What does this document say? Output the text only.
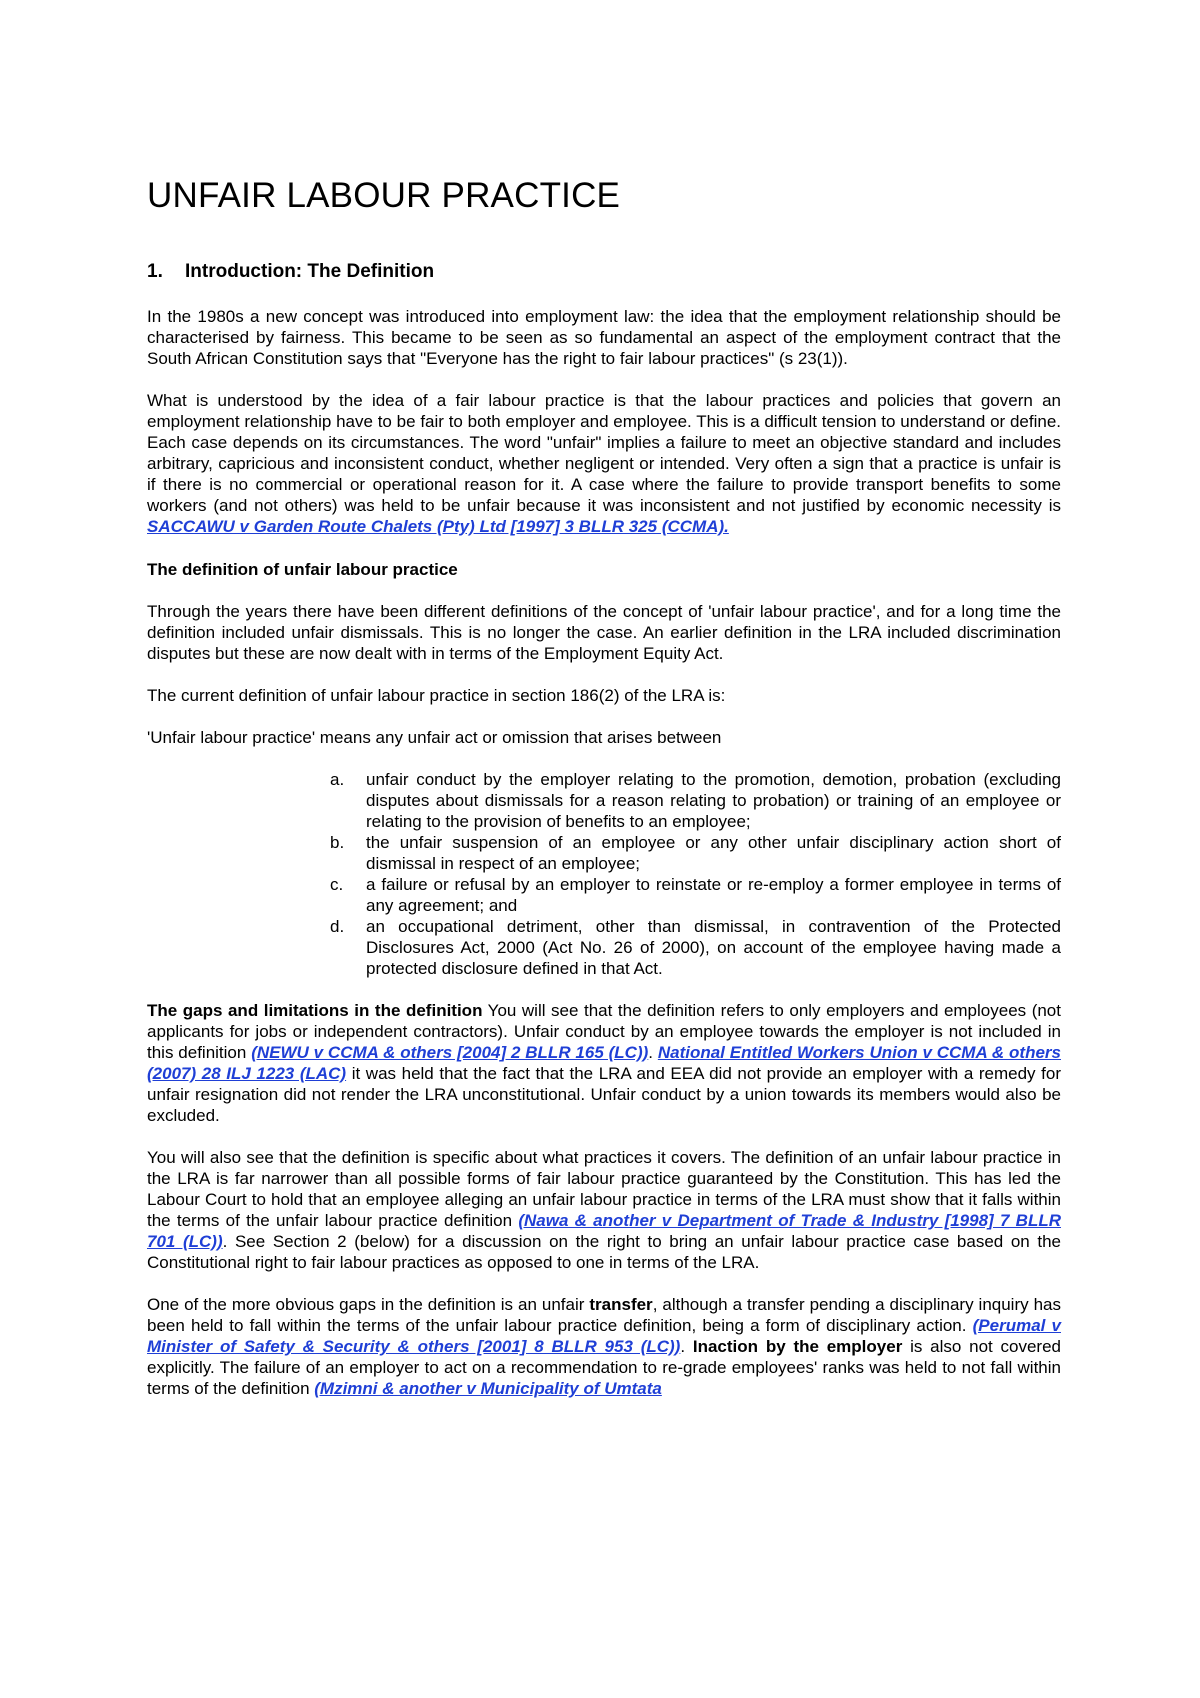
UNFAIR LABOUR PRACTICE
1. Introduction: The Definition

In the 1980s a new concept was introduced into employment law: the idea that the employment relationship should be characterised by fairness. This became to be seen as so fundamental an aspect of the employment contract that the South African Constitution says that "Everyone has the right to fair labour practices" (s 23(1)).

What is understood by the idea of a fair labour practice is that the labour practices and policies that govern an employment relationship have to be fair to both employer and employee. This is a difficult tension to understand or define. Each case depends on its circumstances. The word "unfair" implies a failure to meet an objective standard and includes arbitrary, capricious and inconsistent conduct, whether negligent or intended. Very often a sign that a practice is unfair is if there is no commercial or operational reason for it. A case where the failure to provide transport benefits to some workers (and not others) was held to be unfair because it was inconsistent and not justified by economic necessity is SACCAWU v Garden Route Chalets (Pty) Ltd [1997] 3 BLLR 325 (CCMA).

The definition of unfair labour practice

Through the years there have been different definitions of the concept of 'unfair labour practice', and for a long time the definition included unfair dismissals. This is no longer the case. An earlier definition in the LRA included discrimination disputes but these are now dealt with in terms of the Employment Equity Act.

The current definition of unfair labour practice in section 186(2) of the LRA is:

'Unfair labour practice' means any unfair act or omission that arises between

a. unfair conduct by the employer relating to the promotion, demotion, probation (excluding disputes about dismissals for a reason relating to probation) or training of an employee or relating to the provision of benefits to an employee;
b. the unfair suspension of an employee or any other unfair disciplinary action short of dismissal in respect of an employee;
c. a failure or refusal by an employer to reinstate or re-employ a former employee in terms of any agreement; and
d. an occupational detriment, other than dismissal, in contravention of the Protected Disclosures Act, 2000 (Act No. 26 of 2000), on account of the employee having made a protected disclosure defined in that Act.

The gaps and limitations in the definition You will see that the definition refers to only employers and employees (not applicants for jobs or independent contractors). Unfair conduct by an employee towards the employer is not included in this definition (NEWU v CCMA & others [2004] 2 BLLR 165 (LC)). National Entitled Workers Union v CCMA & others (2007) 28 ILJ 1223 (LAC) it was held that the fact that the LRA and EEA did not provide an employer with a remedy for unfair resignation did not render the LRA unconstitutional. Unfair conduct by a union towards its members would also be excluded.

You will also see that the definition is specific about what practices it covers. The definition of an unfair labour practice in the LRA is far narrower than all possible forms of fair labour practice guaranteed by the Constitution. This has led the Labour Court to hold that an employee alleging an unfair labour practice in terms of the LRA must show that it falls within the terms of the unfair labour practice definition (Nawa & another v Department of Trade & Industry [1998] 7 BLLR 701 (LC)). See Section 2 (below) for a discussion on the right to bring an unfair labour practice case based on the Constitutional right to fair labour practices as opposed to one in terms of the LRA.

One of the more obvious gaps in the definition is an unfair transfer, although a transfer pending a disciplinary inquiry has been held to fall within the terms of the unfair labour practice definition, being a form of disciplinary action. (Perumal v Minister of Safety & Security & others [2001] 8 BLLR 953 (LC)). Inaction by the employer is also not covered explicitly. The failure of an employer to act on a recommendation to re-grade employees' ranks was held to not fall within terms of the definition (Mzimni & another v Municipality of Umtata
